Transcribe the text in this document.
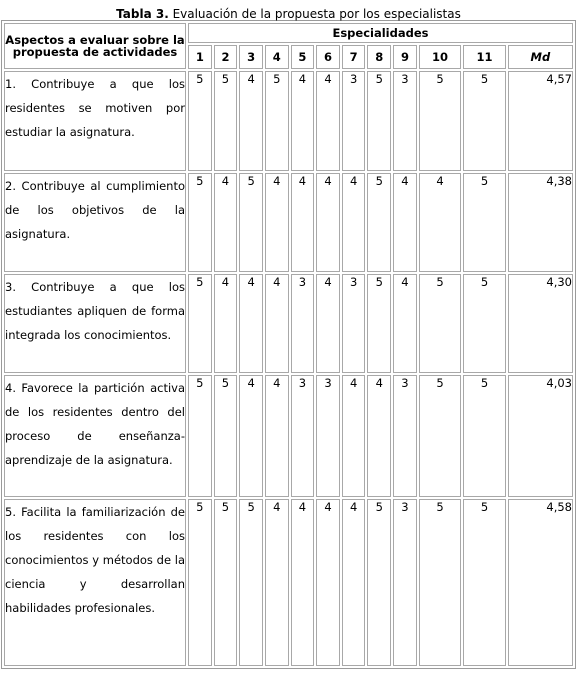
Tabla 3. Evaluación de la propuesta por los especialistas
Aspectos a evaluar sobre la propuesta de actividades	Especialidades											
	1	2	3	4	5	6	7	8	9	10	11	Md
1. Contribuye a que los residentes se motiven por estudiar la asignatura.	5	5	4	5	4	4	3	5	3	5	5	4,57
2. Contribuye al cumplimiento de los objetivos de la asignatura.	5	4	5	4	4	4	4	5	4	4	5	4,38
3. Contribuye a que los estudiantes apliquen de forma integrada los conocimientos.	5	4	4	4	3	4	3	5	4	5	5	4,30
4. Favorece la partición activa de los residentes dentro del proceso de enseñanza-aprendizaje de la asignatura.	5	5	4	4	3	3	4	4	3	5	5	4,03
5. Facilita la familiarización de los residentes con los conocimientos y métodos de la ciencia y desarrollan habilidades profesionales.	5	5	5	4	4	4	4	5	3	5	5	4,58
